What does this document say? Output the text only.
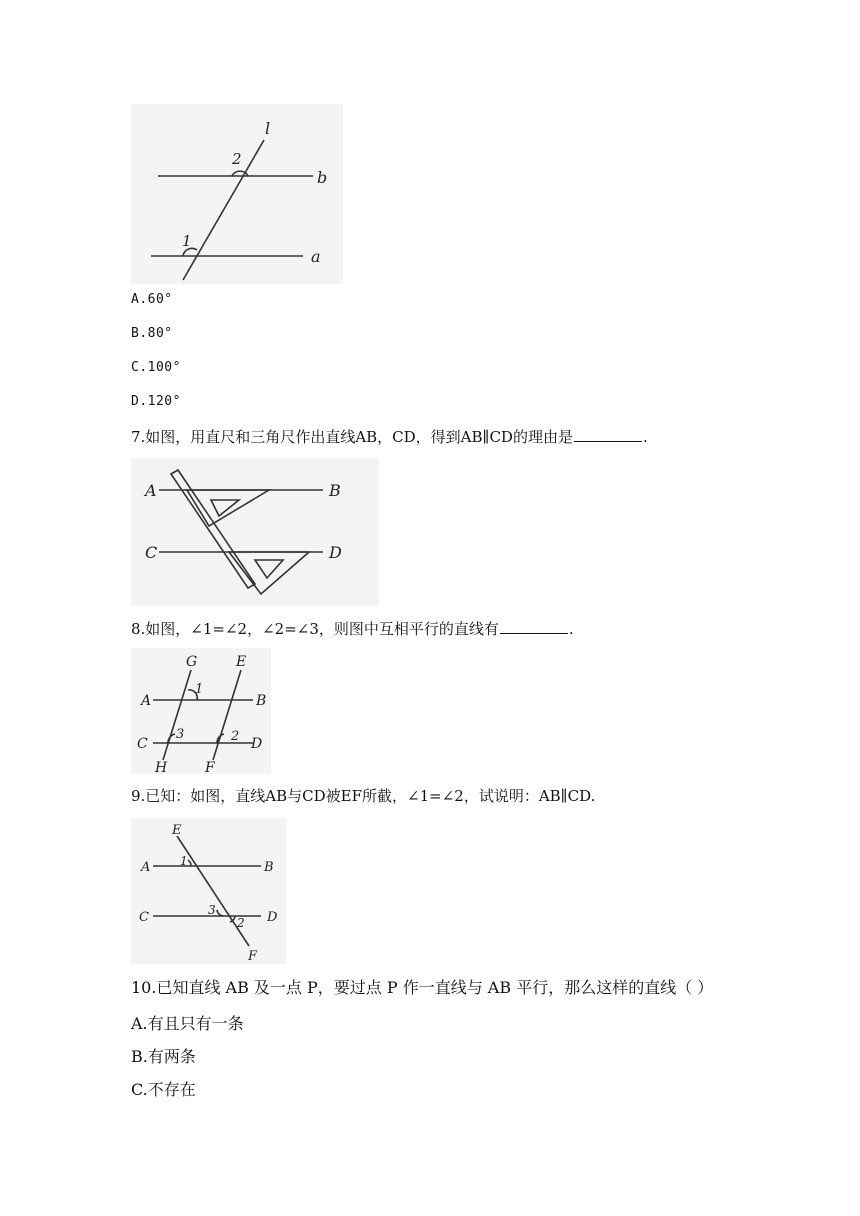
l
b
a
2
1
A.60°
B.80°
C.100°
D.120°
7.如图，用直尺和三角尺作出直线AB，CD，得到AB∥CD的理由是	.
A	B
C	D
8.如图，∠1=∠2，∠2=∠3，则图中互相平行的直线有	.
G	E
A	B
C	D
H	F
1
3	2
9.已知：如图，直线AB与CD被EF所截，∠1=∠2，试说明：AB∥CD.
E
A	B
C	D
F
1
3
2
10.已知直线 AB 及一点 P，要过点 P 作一直线与 AB 平行，那么这样的直线（ ）
A.有且只有一条
B.有两条
C.不存在
